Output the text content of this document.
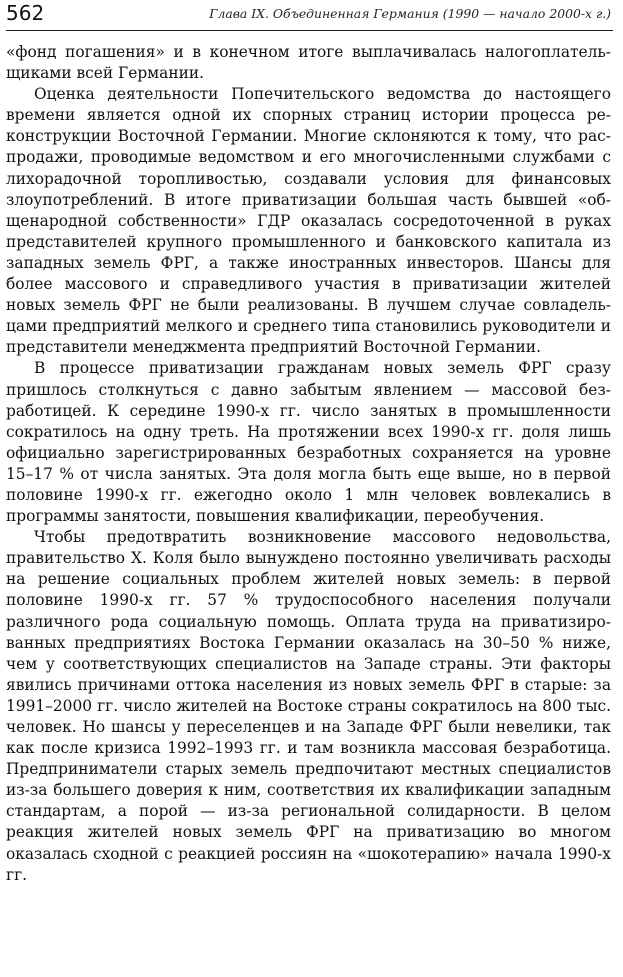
562	Глава IX. Объединенная Германия (1990 — начало 2000-х г.)

«фонд погашения» и в конечном итоге выплачивалась налогоплательщиками всей Германии.

Оценка деятельности Попечительского ведомства до настоящего времени является одной их спорных страниц истории процесса реконструкции Восточной Германии. Многие склоняются к тому, что распродажи, проводимые ведомством и его многочисленными службами с лихорадочной торопливостью, создавали условия для финансовых злоупотреблений. В итоге приватизации большая часть бывшей «общенародной собственности» ГДР оказалась сосредоточенной в руках представителей крупного промышленного и банковского капитала из западных земель ФРГ, а также иностранных инвесторов. Шансы для более массового и справедливого участия в приватизации жителей новых земель ФРГ не были реализованы. В лучшем случае совладельцами предприятий мелкого и среднего типа становились руководители и представители менеджмента предприятий Восточной Германии.

В процессе приватизации гражданам новых земель ФРГ сразу пришлось столкнуться с давно забытым явлением — массовой безработицей. К середине 1990-х гг. число занятых в промышленности сократилось на одну треть. На протяжении всех 1990-х гг. доля лишь официально зарегистрированных безработных сохраняется на уровне 15–17 % от числа занятых. Эта доля могла быть еще выше, но в первой половине 1990-х гг. ежегодно около 1 млн человек вовлекались в программы занятости, повышения квалификации, переобучения.

Чтобы предотвратить возникновение массового недовольства, правительство Х. Коля было вынуждено постоянно увеличивать расходы на решение социальных проблем жителей новых земель: в первой половине 1990-х гг. 57 % трудоспособного населения получали различного рода социальную помощь. Оплата труда на приватизированных предприятиях Востока Германии оказалась на 30–50 % ниже, чем у соответствующих специалистов на Западе страны. Эти факторы явились причинами оттока населения из новых земель ФРГ в старые: за 1991–2000 гг. число жителей на Востоке страны сократилось на 800 тыс. человек. Но шансы у переселенцев и на Западе ФРГ были невелики, так как после кризиса 1992–1993 гг. и там возникла массовая безработица. Предприниматели старых земель предпочитают местных специалистов из-за большего доверия к ним, соответствия их квалификации западным стандартам, а порой — из-за региональной солидарности. В целом реакция жителей новых земель ФРГ на приватизацию во многом оказалась сходной с реакцией россиян на «шокотерапию» начала 1990-х гг.
